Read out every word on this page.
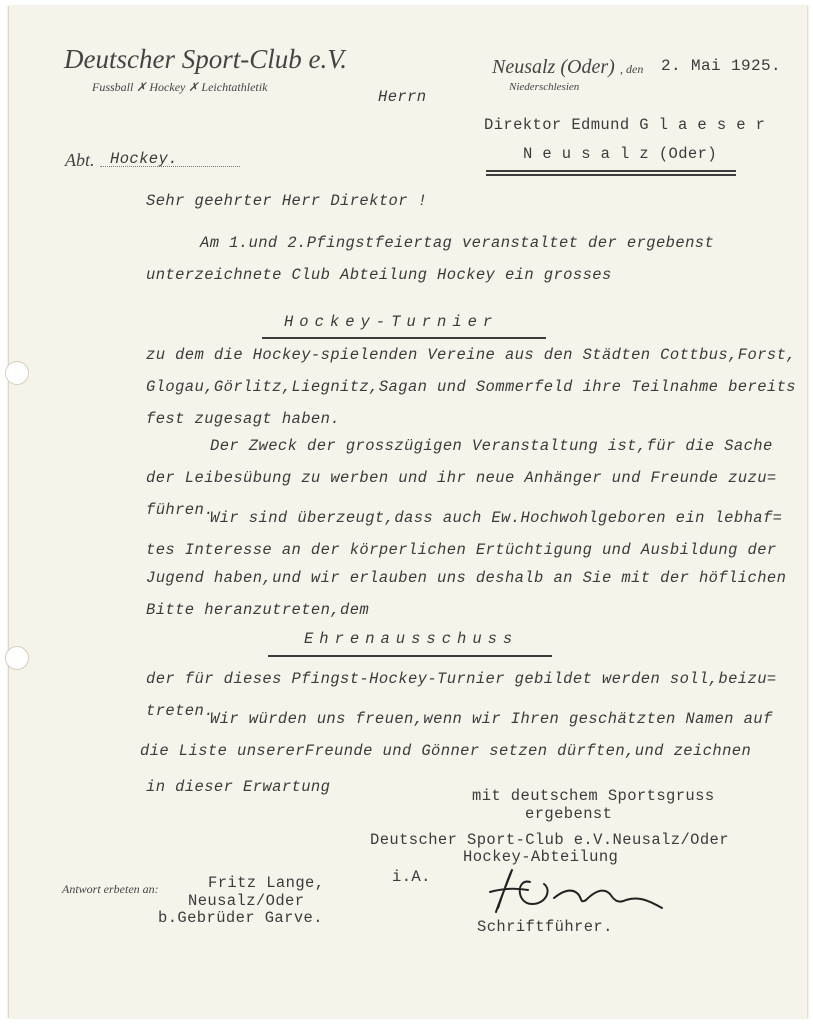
Deutscher Sport-Club e.V.
Fussball ✗ Hockey ✗ Leichtathletik
Abt. Hockey.
Neusalz (Oder) , den
Niederschlesien
2. Mai 1925.
Herrn
Direktor Edmund G l a e s e r
N e u s a l z (Oder)
Sehr geehrter Herr Direktor !
Am 1.und 2.Pfingstfeiertag veranstaltet der ergebenst
unterzeichnete Club Abteilung Hockey ein grosses
Hockey-Turnier
zu dem die Hockey-spielenden Vereine aus den Städten Cottbus,Forst,
Glogau,Görlitz,Liegnitz,Sagan und Sommerfeld ihre Teilnahme bereits
fest zugesagt haben.
Der Zweck der grosszügigen Veranstaltung ist,für die Sache
der Leibesübung zu werben und ihr neue Anhänger und Freunde zuzu=
führen.
Wir sind überzeugt,dass auch Ew.Hochwohlgeboren ein lebhaf=
tes Interesse an der körperlichen Ertüchtigung und Ausbildung der
Jugend haben,und wir erlauben uns deshalb an Sie mit der höflichen
Bitte heranzutreten,dem
Ehrenausschuss
der für dieses Pfingst-Hockey-Turnier gebildet werden soll,beizu=
treten.
Wir würden uns freuen,wenn wir Ihren geschätzten Namen auf
die Liste unsererFreunde und Gönner setzen dürften,und zeichnen
in dieser Erwartung	mit deutschem Sportsgruss
ergebenst
Deutscher Sport-Club e.V.Neusalz/Oder
Hockey-Abteilung
i.A.
Schriftführer.
Antwort erbeten an:	Fritz Lange,
Neusalz/Oder
b.Gebrüder Garve.
